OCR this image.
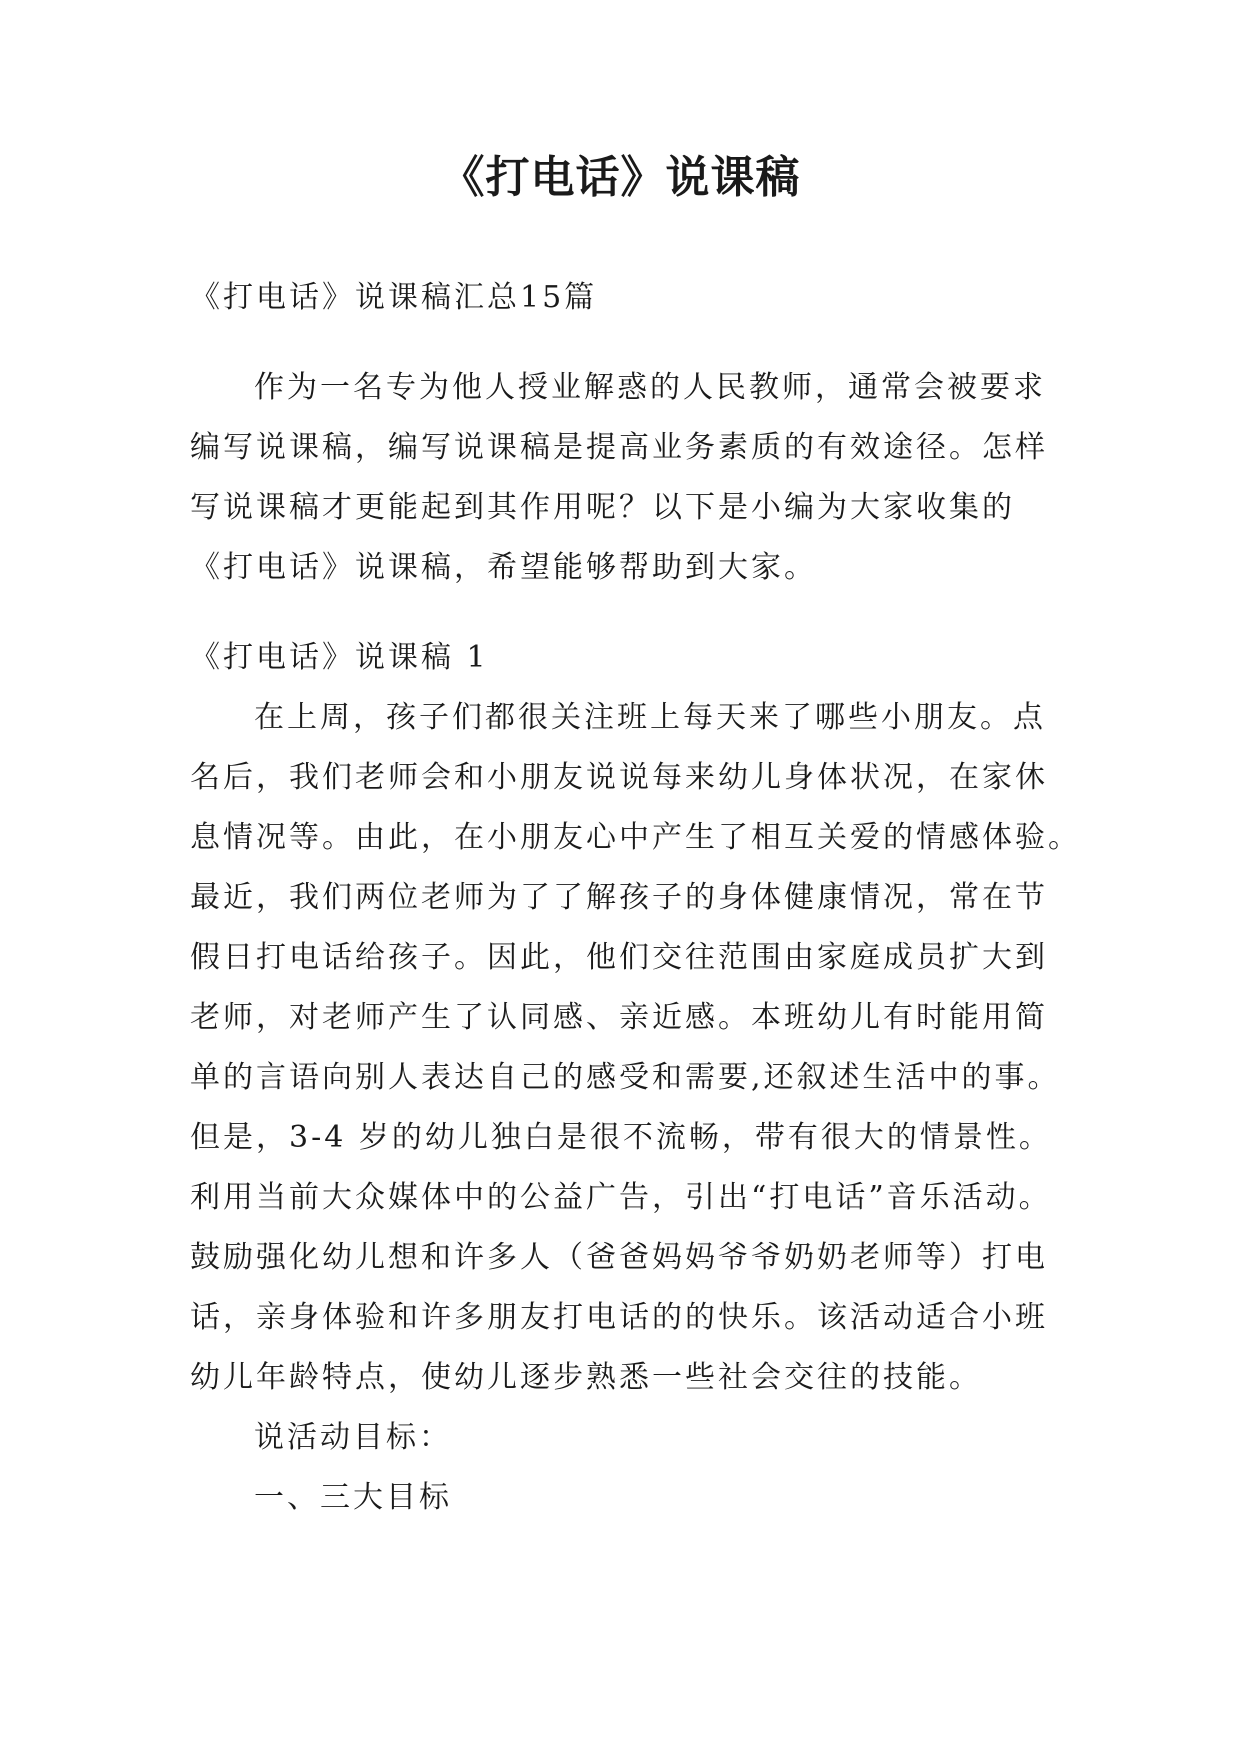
《打电话》说课稿
《打电话》说课稿汇总15篇
作为一名专为他人授业解惑的人民教师，通常会被要求
编写说课稿，编写说课稿是提高业务素质的有效途径。怎样
写说课稿才更能起到其作用呢？以下是小编为大家收集的
《打电话》说课稿，希望能够帮助到大家。
《打电话》说课稿 1
在上周，孩子们都很关注班上每天来了哪些小朋友。点
名后，我们老师会和小朋友说说每来幼儿身体状况，在家休
息情况等。由此，在小朋友心中产生了相互关爱的情感体验。
最近，我们两位老师为了了解孩子的身体健康情况，常在节
假日打电话给孩子。因此，他们交往范围由家庭成员扩大到
老师，对老师产生了认同感、亲近感。本班幼儿有时能用简
单的言语向别人表达自己的感受和需要,还叙述生活中的事。
但是，3-4 岁的幼儿独白是很不流畅，带有很大的情景性。
利用当前大众媒体中的公益广告，引出“打电话”音乐活动。
鼓励强化幼儿想和许多人（爸爸妈妈爷爷奶奶老师等）打电
话，亲身体验和许多朋友打电话的的快乐。该活动适合小班
幼儿年龄特点，使幼儿逐步熟悉一些社会交往的技能。
说活动目标：
一、三大目标
